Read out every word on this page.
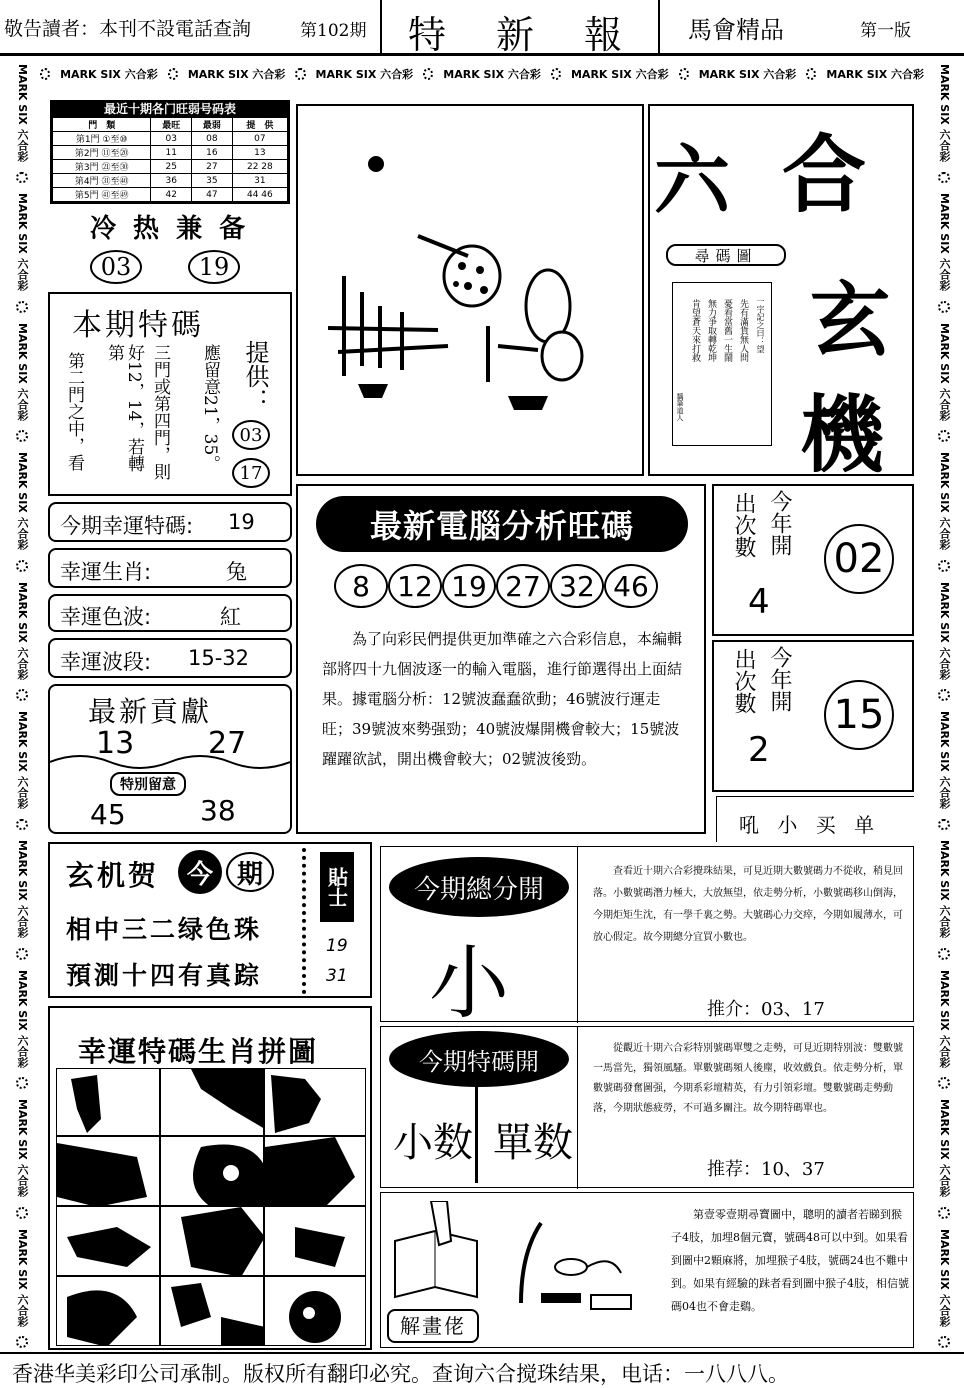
敬告讀者：本刊不設電話查詢	第102期 特　新　報 馬會精品	第一版
MARK SIX 六合彩	MARK SIX 六合彩	MARK SIX 六合彩	MARK SIX 六合彩	MARK SIX 六合彩	MARK SIX 六合彩	MARK SIX 六合彩
MARK SIX 六合彩
MARK SIX 六合彩
MARK SIX 六合彩
MARK SIX 六合彩
MARK SIX 六合彩
MARK SIX 六合彩
MARK SIX 六合彩
MARK SIX 六合彩
MARK SIX 六合彩
MARK SIX 六合彩
MARK SIX 六合彩
MARK SIX 六合彩
MARK SIX 六合彩
MARK SIX 六合彩
MARK SIX 六合彩
MARK SIX 六合彩
MARK SIX 六合彩
MARK SIX 六合彩
MARK SIX 六合彩
MARK SIX 六合彩
最近十期各门旺弱号码表
門　類	最旺	最弱	提　供
第1門 ①至⑩	03	08	07
第2門 ⑪至⑳	11	16	13
第3門 ㉑至㉚	25	27	22 28
第4門 ㉛至㊵	36	35	31
第5門 ㊶至㊾	42	47	44 46
冷 热 兼 备
03	19
本期特碼
應留意21，35。
三門或第四門，則
好12，14，若轉第
第二門之中，看	提供：
03
17
今期幸運特碼: 19
幸運生肖:	兔
幸運色波:	紅
幸運波段: 15-32
最新貢獻
13 27
特別留意
45	38
玄机贺	今 期
相中三二绿色珠
預測十四有真踪
貼士
19
31
幸運特碼生肖拼圖
六 合
玄
機
尋碼圖
一字記之曰：望
先有滿貨無人問
憂看當舊一生鬧
無力爭取轉乾坤
肯望蒼天來打救
黐筆道人
最新電腦分析旺碼
8 12 19 27 32 46
為了向彩民們提供更加準確之六合彩信息，本編輯部將四十九個波逐一的輸入電腦，進行節選得出上面結果。據電腦分析：12號波蠢蠢欲動；46號波行運走旺；39號波來勢强勁；40號波爆開機會較大；15號波躍躍欲試，開出機會較大；02號波後勁。
出次數 今年開
4
02
出次數 今年開
2
15
吼 小 买 单
今期總分開
小
查看近十期六合彩攪珠結果，可見近期大數號碼力不從收，稍見回落。小數號碼潛力極大，大放無望，依走勢分析，小數號碼移山倒海，今期炬矩生沈，有一學千裏之勢。大號碼心力交瘁，今期如履薄水，可放心假定。故今期總分宜買小數也。
推介：03、17
今期特碼開
小数 單数
從觀近十期六合彩特別號碼單雙之走勢，可見近期特別波：雙數號一馬當先，獨領風騷。單數號碼頻人後塵，收效戲負。依走勢分析，單數號碼發奮圖强，今期系彩壇精英，有力引領彩壇。雙數號碼走勢動落，今期狀態疲勞，不可過多關注。故今期特碼單也。
推荐：10、37
解畫佬
第壹零壹期尋寶圖中，聰明的讀者若睇到猴子4肢，加埋8個元寶，號碼48可以中到。如果看到圖中2顆麻將，加埋猴子4肢，號碼24也不難中到。如果有經驗的跊者看到圖中猴子4肢，相信號碼04也不會走鷄。
香港华美彩印公司承制。版权所有翻印必究。查询六合搅珠结果，电话：一八八八。
